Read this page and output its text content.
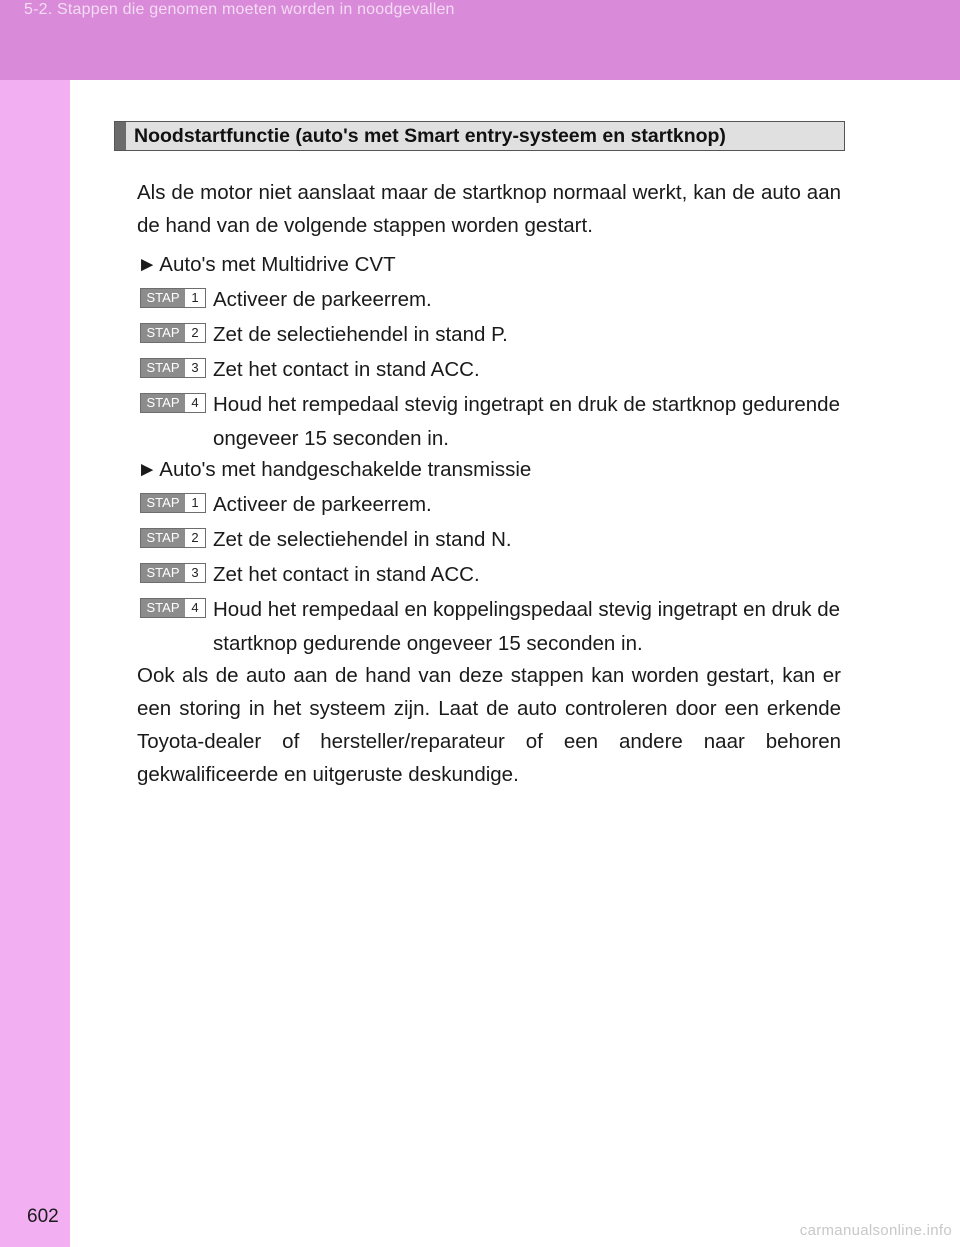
5-2. Stappen die genomen moeten worden in noodgevallen
602
Noodstartfunctie (auto's met Smart entry-systeem en startknop)
Als de motor niet aanslaat maar de startknop normaal werkt, kan de auto aan de hand van de volgende stappen worden gestart.
►Auto's met Multidrive CVT
STAP 1 Activeer de parkeerrem.
STAP 2 Zet de selectiehendel in stand P.
STAP 3 Zet het contact in stand ACC.
STAP 4 Houd het rempedaal stevig ingetrapt en druk de startknop gedurende ongeveer 15 seconden in.
►Auto's met handgeschakelde transmissie
STAP 1 Activeer de parkeerrem.
STAP 2 Zet de selectiehendel in stand N.
STAP 3 Zet het contact in stand ACC.
STAP 4 Houd het rempedaal en koppelingspedaal stevig ingetrapt en druk de startknop gedurende ongeveer 15 seconden in.
Ook als de auto aan de hand van deze stappen kan worden gestart, kan er een storing in het systeem zijn. Laat de auto controleren door een erkende Toyota-dealer of hersteller/reparateur of een andere naar behoren gekwalificeerde en uitgeruste deskundige.
carmanualsonline.info
